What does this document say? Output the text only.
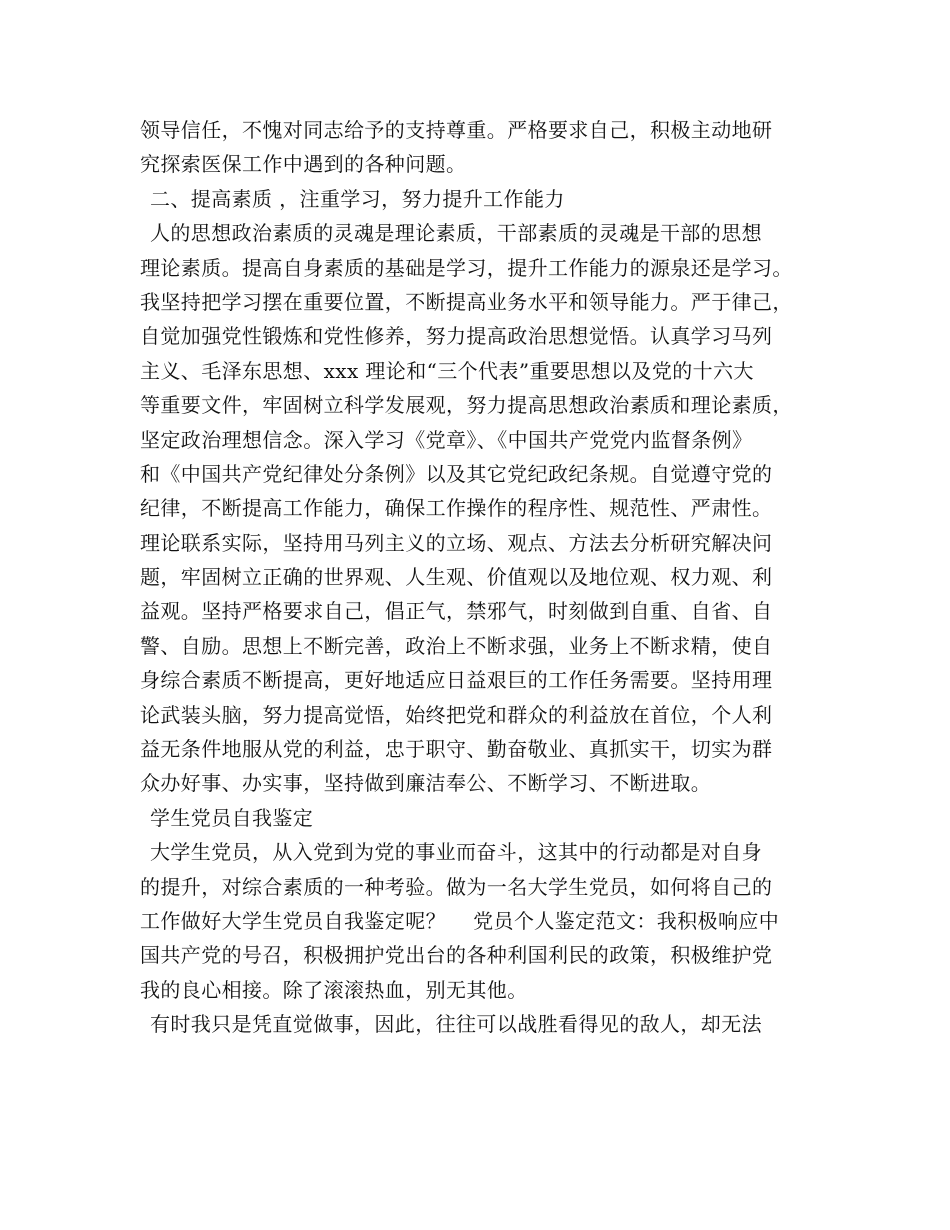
领导信任，不愧对同志给予的支持尊重。严格要求自己，积极主动地研
究探索医保工作中遇到的各种问题。
二、提高素质 ，注重学习，努力提升工作能力
人的思想政治素质的灵魂是理论素质，干部素质的灵魂是干部的思想
理论素质。提高自身素质的基础是学习，提升工作能力的源泉还是学习。
我坚持把学习摆在重要位置，不断提高业务水平和领导能力。严于律己，
自觉加强党性锻炼和党性修养，努力提高政治思想觉悟。认真学习马列
主义、毛泽东思想、xxx 理论和“三个代表”重要思想以及党的十六大
等重要文件，牢固树立科学发展观，努力提高思想政治素质和理论素质，
坚定政治理想信念。深入学习《党章》、《中国共产党党内监督条例》
和《中国共产党纪律处分条例》以及其它党纪政纪条规。自觉遵守党的
纪律，不断提高工作能力，确保工作操作的程序性、规范性、严肃性。
理论联系实际，坚持用马列主义的立场、观点、方法去分析研究解决问
题，牢固树立正确的世界观、人生观、价值观以及地位观、权力观、利
益观。坚持严格要求自己，倡正气，禁邪气，时刻做到自重、自省、自
警、自励。思想上不断完善，政治上不断求强，业务上不断求精，使自
身综合素质不断提高，更好地适应日益艰巨的工作任务需要。坚持用理
论武装头脑，努力提高觉悟，始终把党和群众的利益放在首位，个人利
益无条件地服从党的利益，忠于职守、勤奋敬业、真抓实干，切实为群
众办好事、办实事，坚持做到廉洁奉公、不断学习、不断进取。
学生党员自我鉴定
大学生党员，从入党到为党的事业而奋斗，这其中的行动都是对自身
的提升，对综合素质的一种考验。做为一名大学生党员，如何将自己的
工作做好大学生党员自我鉴定呢？　 党员个人鉴定范文：我积极响应中
国共产党的号召，积极拥护党出台的各种利国利民的政策，积极维护党
我的良心相接。除了滚滚热血，别无其他。
有时我只是凭直觉做事，因此，往往可以战胜看得见的敌人，却无法
